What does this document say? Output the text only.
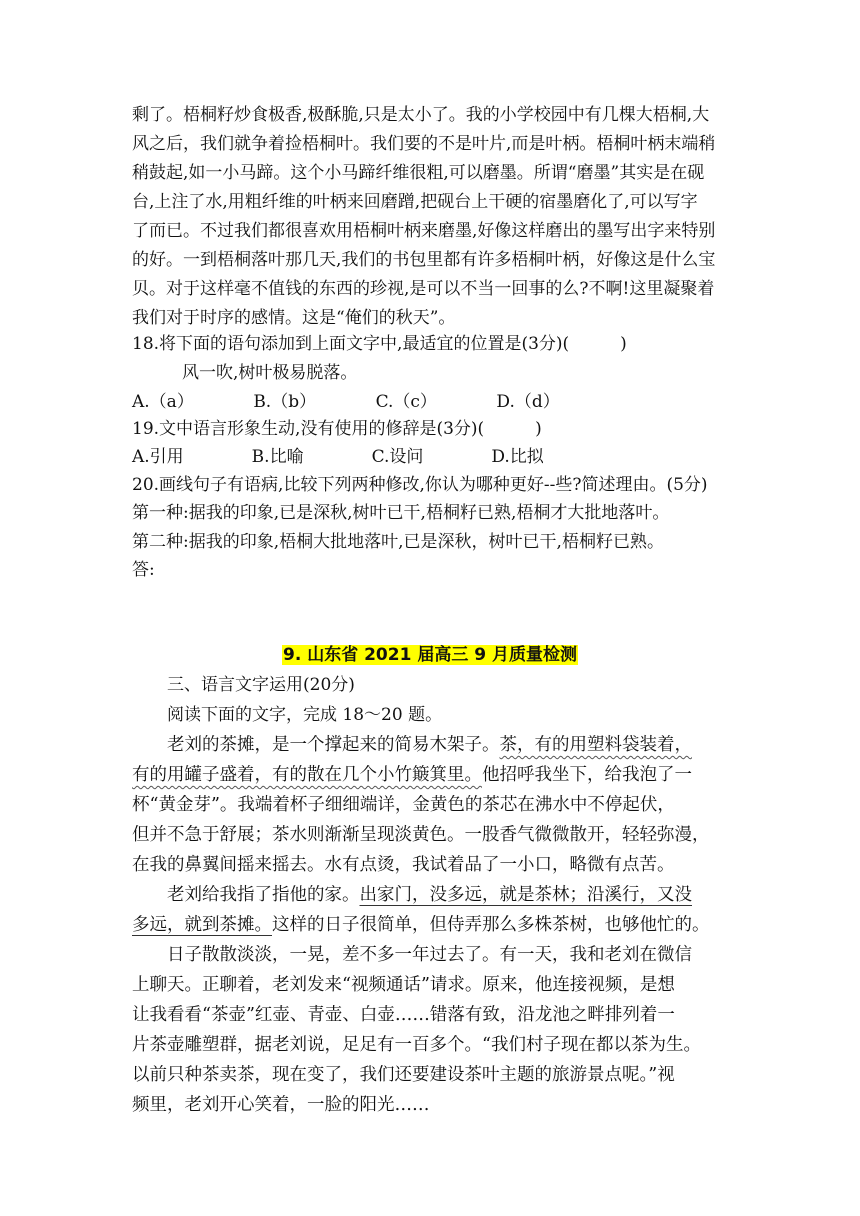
剩了。梧桐籽炒食极香,极酥脆,只是太小了。我的小学校园中有几棵大梧桐,大
风之后，我们就争着捡梧桐叶。我们要的不是叶片,而是叶柄。梧桐叶柄末端稍
稍鼓起,如一小马蹄。这个小马蹄纤维很粗,可以磨墨。所谓“磨墨”其实是在砚
台,上注了水,用粗纤维的叶柄来回磨蹭,把砚台上干硬的宿墨磨化了,可以写字
了而已。不过我们都很喜欢用梧桐叶柄来磨墨,好像这样磨出的墨写出字来特别
的好。一到梧桐落叶那几天,我们的书包里都有许多梧桐叶柄，好像这是什么宝
贝。对于这样毫不值钱的东西的珍视,是可以不当一回事的么?不啊!这里凝聚着
我们对于时序的感情。这是“俺们的秋天”。
18.将下面的语句添加到上面文字中,最适宜的位置是(3分)(　　　)
风一吹,树叶极易脱落。
A.（a）　　　　B.（b）　　　　C.（c）　　　　D.（d）
19.文中语言形象生动,没有使用的修辞是(3分)(　　　)
A.引用　　　　B.比喻　　　　C.设问　　　　D.比拟
20.画线句子有语病,比较下列两种修改,你认为哪种更好--些?简述理由。(5分)
第一种:据我的印象,已是深秋,树叶已干,梧桐籽已熟,梧桐才大批地落叶。
第二种:据我的印象,梧桐大批地落叶,已是深秋，树叶已干,梧桐籽已熟。
答:
9. 山东省 2021 届高三 9 月质量检测
三、语言文字运用(20分)
阅读下面的文字，完成 18～20 题。
　　老刘的茶摊，是一个撑起来的简易木架子。茶，有的用塑料袋装着，
有的用罐子盛着，有的散在几个小竹簸箕里。他招呼我坐下，给我泡了一
杯“黄金芽”。我端着杯子细细端详，金黄色的茶芯在沸水中不停起伏，
但并不急于舒展；茶水则渐渐呈现淡黄色。一股香气微微散开，轻轻弥漫，
在我的鼻翼间摇来摇去。水有点烫，我试着品了一小口，略微有点苦。
　　老刘给我指了指他的家。出家门，没多远，就是茶林；沿溪行，又没
多远，就到茶摊。这样的日子很简单，但侍弄那么多株茶树，也够他忙的。
　　日子散散淡淡，一晃，差不多一年过去了。有一天，我和老刘在微信
上聊天。正聊着，老刘发来“视频通话”请求。原来，他连接视频，是想
让我看看“茶壶”红壶、青壶、白壶……错落有致，沿龙池之畔排列着一
片茶壶雕塑群，据老刘说，足足有一百多个。“我们村子现在都以茶为生。
以前只种茶卖茶，现在变了，我们还要建设茶叶主题的旅游景点呢。”视
频里，老刘开心笑着，一脸的阳光……
